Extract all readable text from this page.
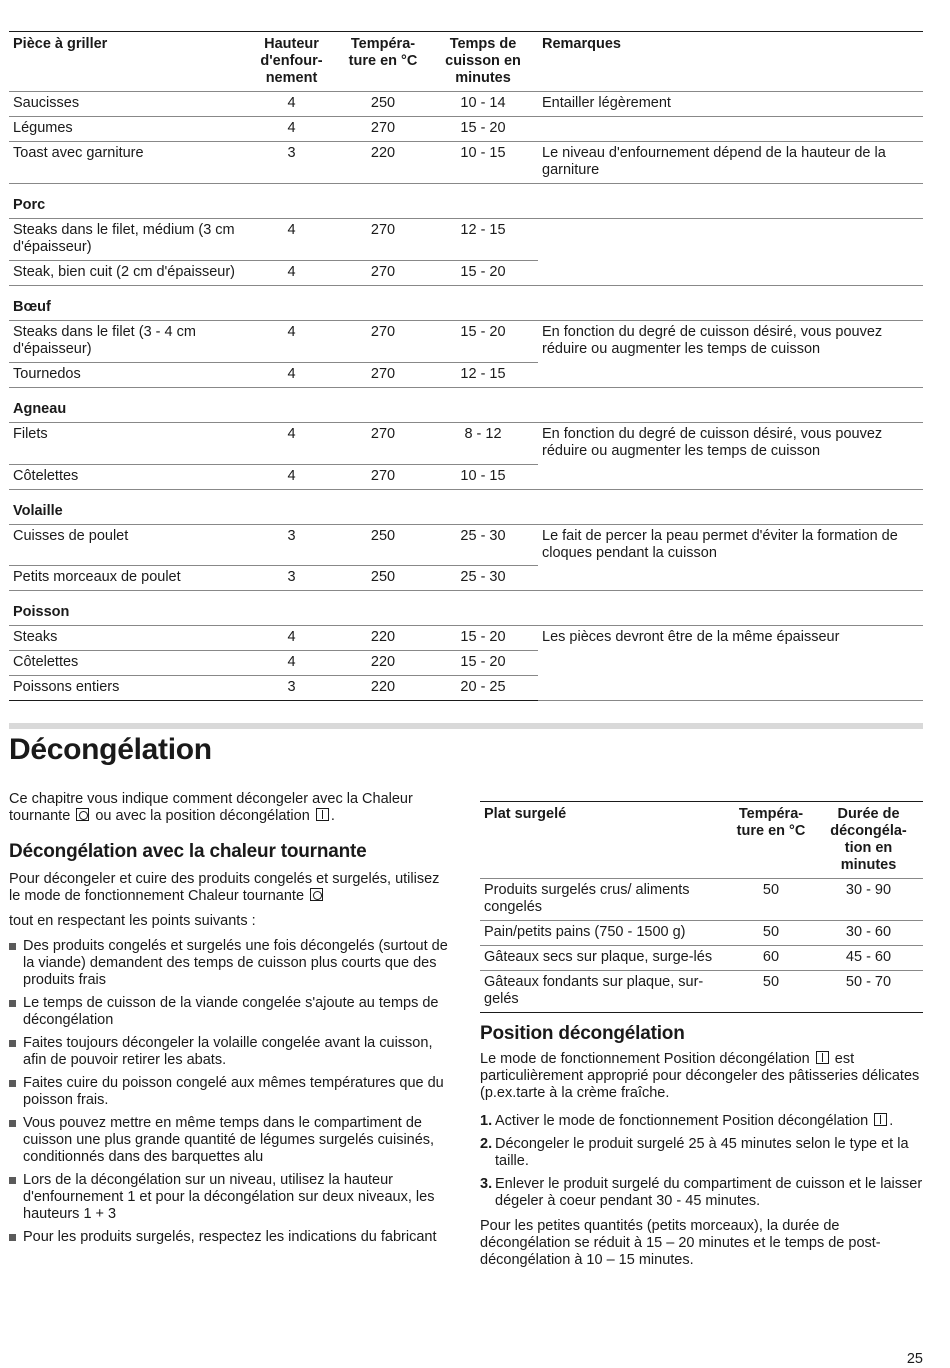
Pièce à griller	Hauteur
d'enfour-
nement	Tempéra-
ture en °C	Temps de
cuisson en
minutes	Remarques
Saucisses	4	250	10 - 14	Entailler légèrement
Légumes	4	270	15 - 20	
Toast avec garniture	3	220	10 - 15	Le niveau d'enfournement dépend de la hauteur de la garniture
Porc				
Steaks dans le filet, médium (3 cm d'épaisseur)	4	270	12 - 15	
Steak, bien cuit (2 cm d'épaisseur)	4	270	15 - 20	
Bœuf				
Steaks dans le filet (3 - 4 cm d'épaisseur)	4	270	15 - 20	En fonction du degré de cuisson désiré, vous pouvez réduire ou augmenter les temps de cuisson
Tournedos	4	270	12 - 15	
Agneau				
Filets	4	270	8 - 12	En fonction du degré de cuisson désiré, vous pouvez réduire ou augmenter les temps de cuisson
Côtelettes	4	270	10 - 15	
Volaille				
Cuisses de poulet	3	250	25 - 30	Le fait de percer la peau permet d'éviter la formation de cloques pendant la cuisson
Petits morceaux de poulet	3	250	25 - 30	
Poisson				
Steaks	4	220	15 - 20	Les pièces devront être de la même épaisseur
Côtelettes	4	220	15 - 20	
Poissons entiers	3	220	20 - 25	
Décongélation

Ce chapitre vous indique comment décongeler avec la Chaleur tournante ou avec la position décongélation .

Décongélation avec la chaleur tournante

Pour décongeler et cuire des produits congelés et surgelés, utilisez le mode de fonctionnement Chaleur tournante

tout en respectant les points suivants :

Des produits congelés et surgelés une fois décongelés (surtout de la viande) demandent des temps de cuisson plus courts que des produits frais
Le temps de cuisson de la viande congelée s'ajoute au temps de décongélation
Faites toujours décongeler la volaille congelée avant la cuisson, afin de pouvoir retirer les abats.
Faites cuire du poisson congelé aux mêmes températures que du poisson frais.
Vous pouvez mettre en même temps dans le compartiment de cuisson une plus grande quantité de légumes surgelés cuisinés, conditionnés dans des barquettes alu
Lors de la décongélation sur un niveau, utilisez la hauteur d'enfournement 1 et pour la décongélation sur deux niveaux, les hauteurs 1 + 3
Pour les produits surgelés, respectez les indications du fabricant
Plat surgelé	Tempéra-
ture en °C	Durée de
décongéla-
tion en
minutes
Produits surgelés crus/ aliments congelés	50	30 - 90
Pain/petits pains (750 - 1500 g)	50	30 - 60
Gâteaux secs sur plaque, surge-lés	60	45 - 60
Gâteaux fondants sur plaque, sur-gelés	50	50 - 70
Position décongélation

Le mode de fonctionnement Position décongélation est particulièrement approprié pour décongeler des pâtisseries délicates (p.ex.tarte à la crème fraîche.

1. Activer le mode de fonctionnement Position décongélation .
2. Décongeler le produit surgelé 25 à 45 minutes selon le type et la taille.
3. Enlever le produit surgelé du compartiment de cuisson et le laisser dégeler à coeur pendant 30 - 45 minutes.

Pour les petites quantités (petits morceaux), la durée de décongélation se réduit à 15 – 20 minutes et le temps de post-décongélation à 10 – 15 minutes.

25
